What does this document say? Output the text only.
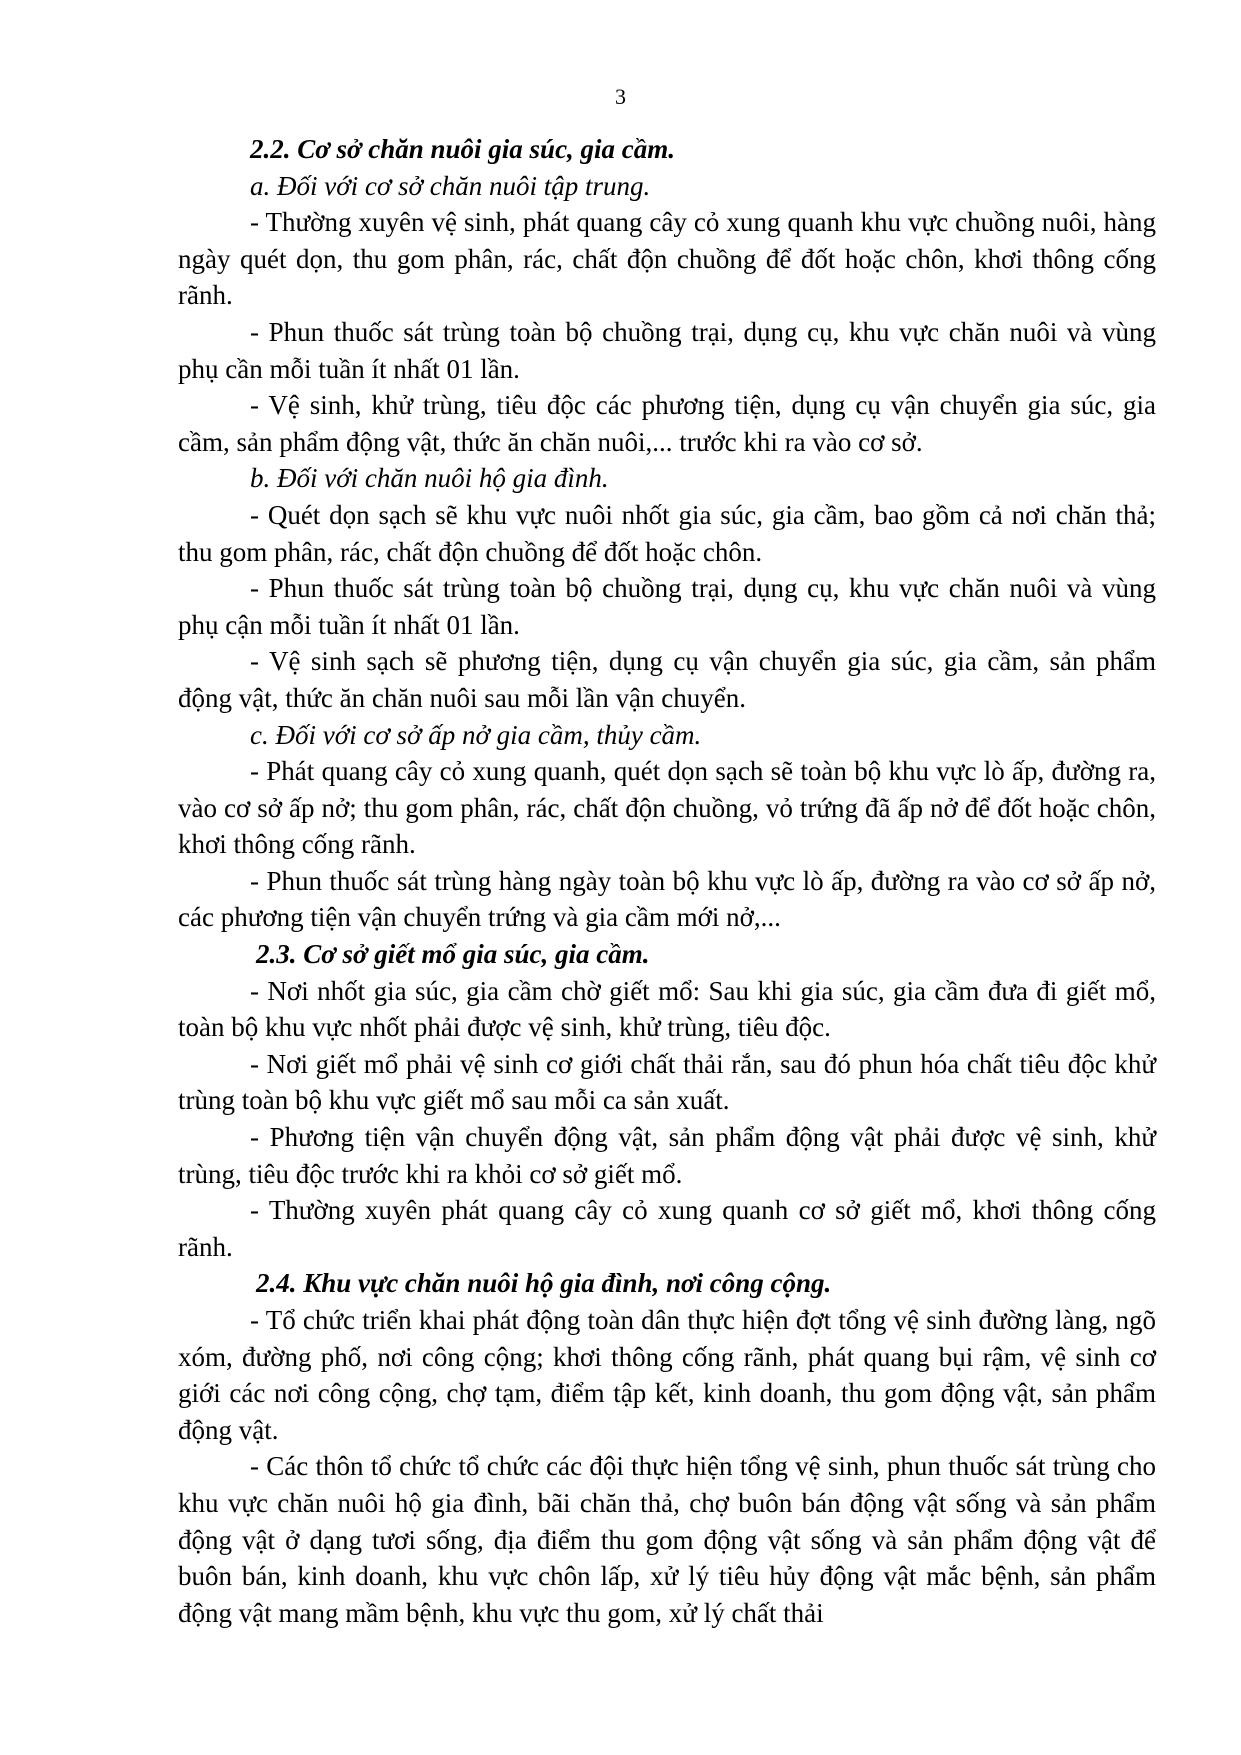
3

2.2. Cơ sở chăn nuôi gia súc, gia cầm.

a. Đối với cơ sở chăn nuôi tập trung.

- Thường xuyên vệ sinh, phát quang cây cỏ xung quanh khu vực chuồng nuôi, hàng ngày quét dọn, thu gom phân, rác, chất độn chuồng để đốt hoặc chôn, khơi thông cống rãnh.

- Phun thuốc sát trùng toàn bộ chuồng trại, dụng cụ, khu vực chăn nuôi và vùng phụ cần mỗi tuần ít nhất 01 lần.

- Vệ sinh, khử trùng, tiêu độc các phương tiện, dụng cụ vận chuyển gia súc, gia cầm, sản phẩm động vật, thức ăn chăn nuôi,... trước khi ra vào cơ sở.

b. Đối với chăn nuôi hộ gia đình.

- Quét dọn sạch sẽ khu vực nuôi nhốt gia súc, gia cầm, bao gồm cả nơi chăn thả; thu gom phân, rác, chất độn chuồng để đốt hoặc chôn.

- Phun thuốc sát trùng toàn bộ chuồng trại, dụng cụ, khu vực chăn nuôi và vùng phụ cận mỗi tuần ít nhất 01 lần.

- Vệ sinh sạch sẽ phương tiện, dụng cụ vận chuyển gia súc, gia cầm, sản phẩm động vật, thức ăn chăn nuôi sau mỗi lần vận chuyển.

c. Đối với cơ sở ấp nở gia cầm, thủy cầm.

- Phát quang cây cỏ xung quanh, quét dọn sạch sẽ toàn bộ khu vực lò ấp, đường ra, vào cơ sở ấp nở; thu gom phân, rác, chất độn chuồng, vỏ trứng đã ấp nở để đốt hoặc chôn, khơi thông cống rãnh.

- Phun thuốc sát trùng hàng ngày toàn bộ khu vực lò ấp, đường ra vào cơ sở ấp nở, các phương tiện vận chuyển trứng và gia cầm mới nở,...

2.3. Cơ sở giết mổ gia súc, gia cầm.

- Nơi nhốt gia súc, gia cầm chờ giết mổ: Sau khi gia súc, gia cầm đưa đi giết mổ, toàn bộ khu vực nhốt phải được vệ sinh, khử trùng, tiêu độc.

- Nơi giết mổ phải vệ sinh cơ giới chất thải rắn, sau đó phun hóa chất tiêu độc khử trùng toàn bộ khu vực giết mổ sau mỗi ca sản xuất.

- Phương tiện vận chuyển động vật, sản phẩm động vật phải được vệ sinh, khử trùng, tiêu độc trước khi ra khỏi cơ sở giết mổ.

- Thường xuyên phát quang cây cỏ xung quanh cơ sở giết mổ, khơi thông cống rãnh.

2.4. Khu vực chăn nuôi hộ gia đình, nơi công cộng.

- Tổ chức triển khai phát động toàn dân thực hiện đợt tổng vệ sinh đường làng, ngõ xóm, đường phố, nơi công cộng; khơi thông cống rãnh, phát quang bụi rậm, vệ sinh cơ giới các nơi công cộng, chợ tạm, điểm tập kết, kinh doanh, thu gom động vật, sản phẩm động vật.

- Các thôn tổ chức tổ chức các đội thực hiện tổng vệ sinh, phun thuốc sát trùng cho khu vực chăn nuôi hộ gia đình, bãi chăn thả, chợ buôn bán động vật sống và sản phẩm động vật ở dạng tươi sống, địa điểm thu gom động vật sống và sản phẩm động vật để buôn bán, kinh doanh, khu vực chôn lấp, xử lý tiêu hủy động vật mắc bệnh, sản phẩm động vật mang mầm bệnh, khu vực thu gom, xử lý chất thải
